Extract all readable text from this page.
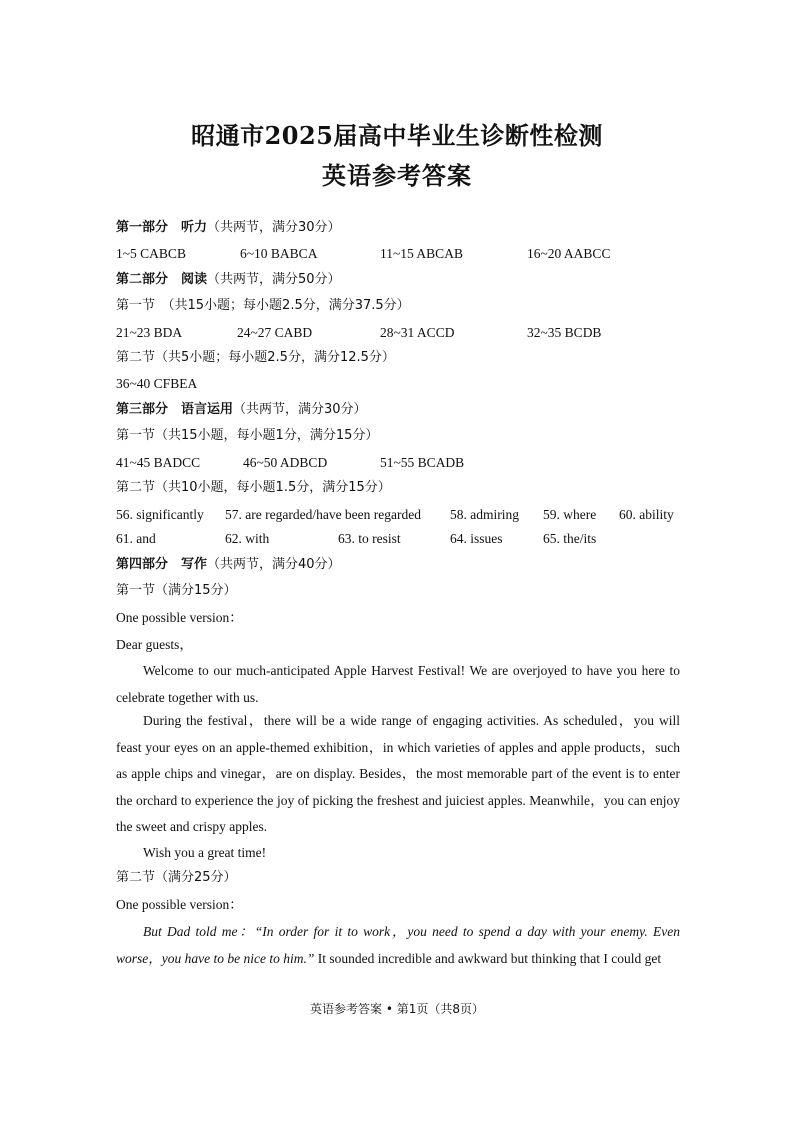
昭通市2025届高中毕业生诊断性检测
英语参考答案
第一部分　听力（共两节，满分30分）
1~5 CABCB	6~10 BABCA	11~15 ABCAB	16~20 AABCC
第二部分　阅读（共两节，满分50分）
第一节　（共15小题；每小题2.5分，满分37.5分）
21~23 BDA	24~27 CABD	28~31 ACCD	32~35 BCDB
第二节（共5小题；每小题2.5分，满分12.5分）
36~40 CFBEA
第三部分　语言运用（共两节，满分30分）
第一节（共15小题，每小题1分，满分15分）
41~45 BADCC	46~50 ADBCD	51~55 BCADB
第二节（共10小题，每小题1.5分，满分15分）
56. significantly 57. are regarded/have been regarded 58. admiring 59. where 60. ability
61. and	62. with	63. to resist	64. issues	65. the/its
第四部分　写作（共两节，满分40分）
第一节（满分15分）
One possible version：
Dear guests，
Welcome to our much-anticipated Apple Harvest Festival! We are overjoyed to have you here to celebrate together with us.
During the festival，there will be a wide range of engaging activities. As scheduled，you will feast your eyes on an apple-themed exhibition，in which varieties of apples and apple products，such as apple chips and vinegar，are on display. Besides，the most memorable part of the event is to enter the orchard to experience the joy of picking the freshest and juiciest apples. Meanwhile，you can enjoy the sweet and crispy apples.
Wish you a great time!
第二节（满分25分）
One possible version：
But Dad told me：“In order for it to work，you need to spend a day with your enemy. Even worse，you have to be nice to him.” It sounded incredible and awkward but thinking that I could get
英语参考答案 • 第1页（共8页）
